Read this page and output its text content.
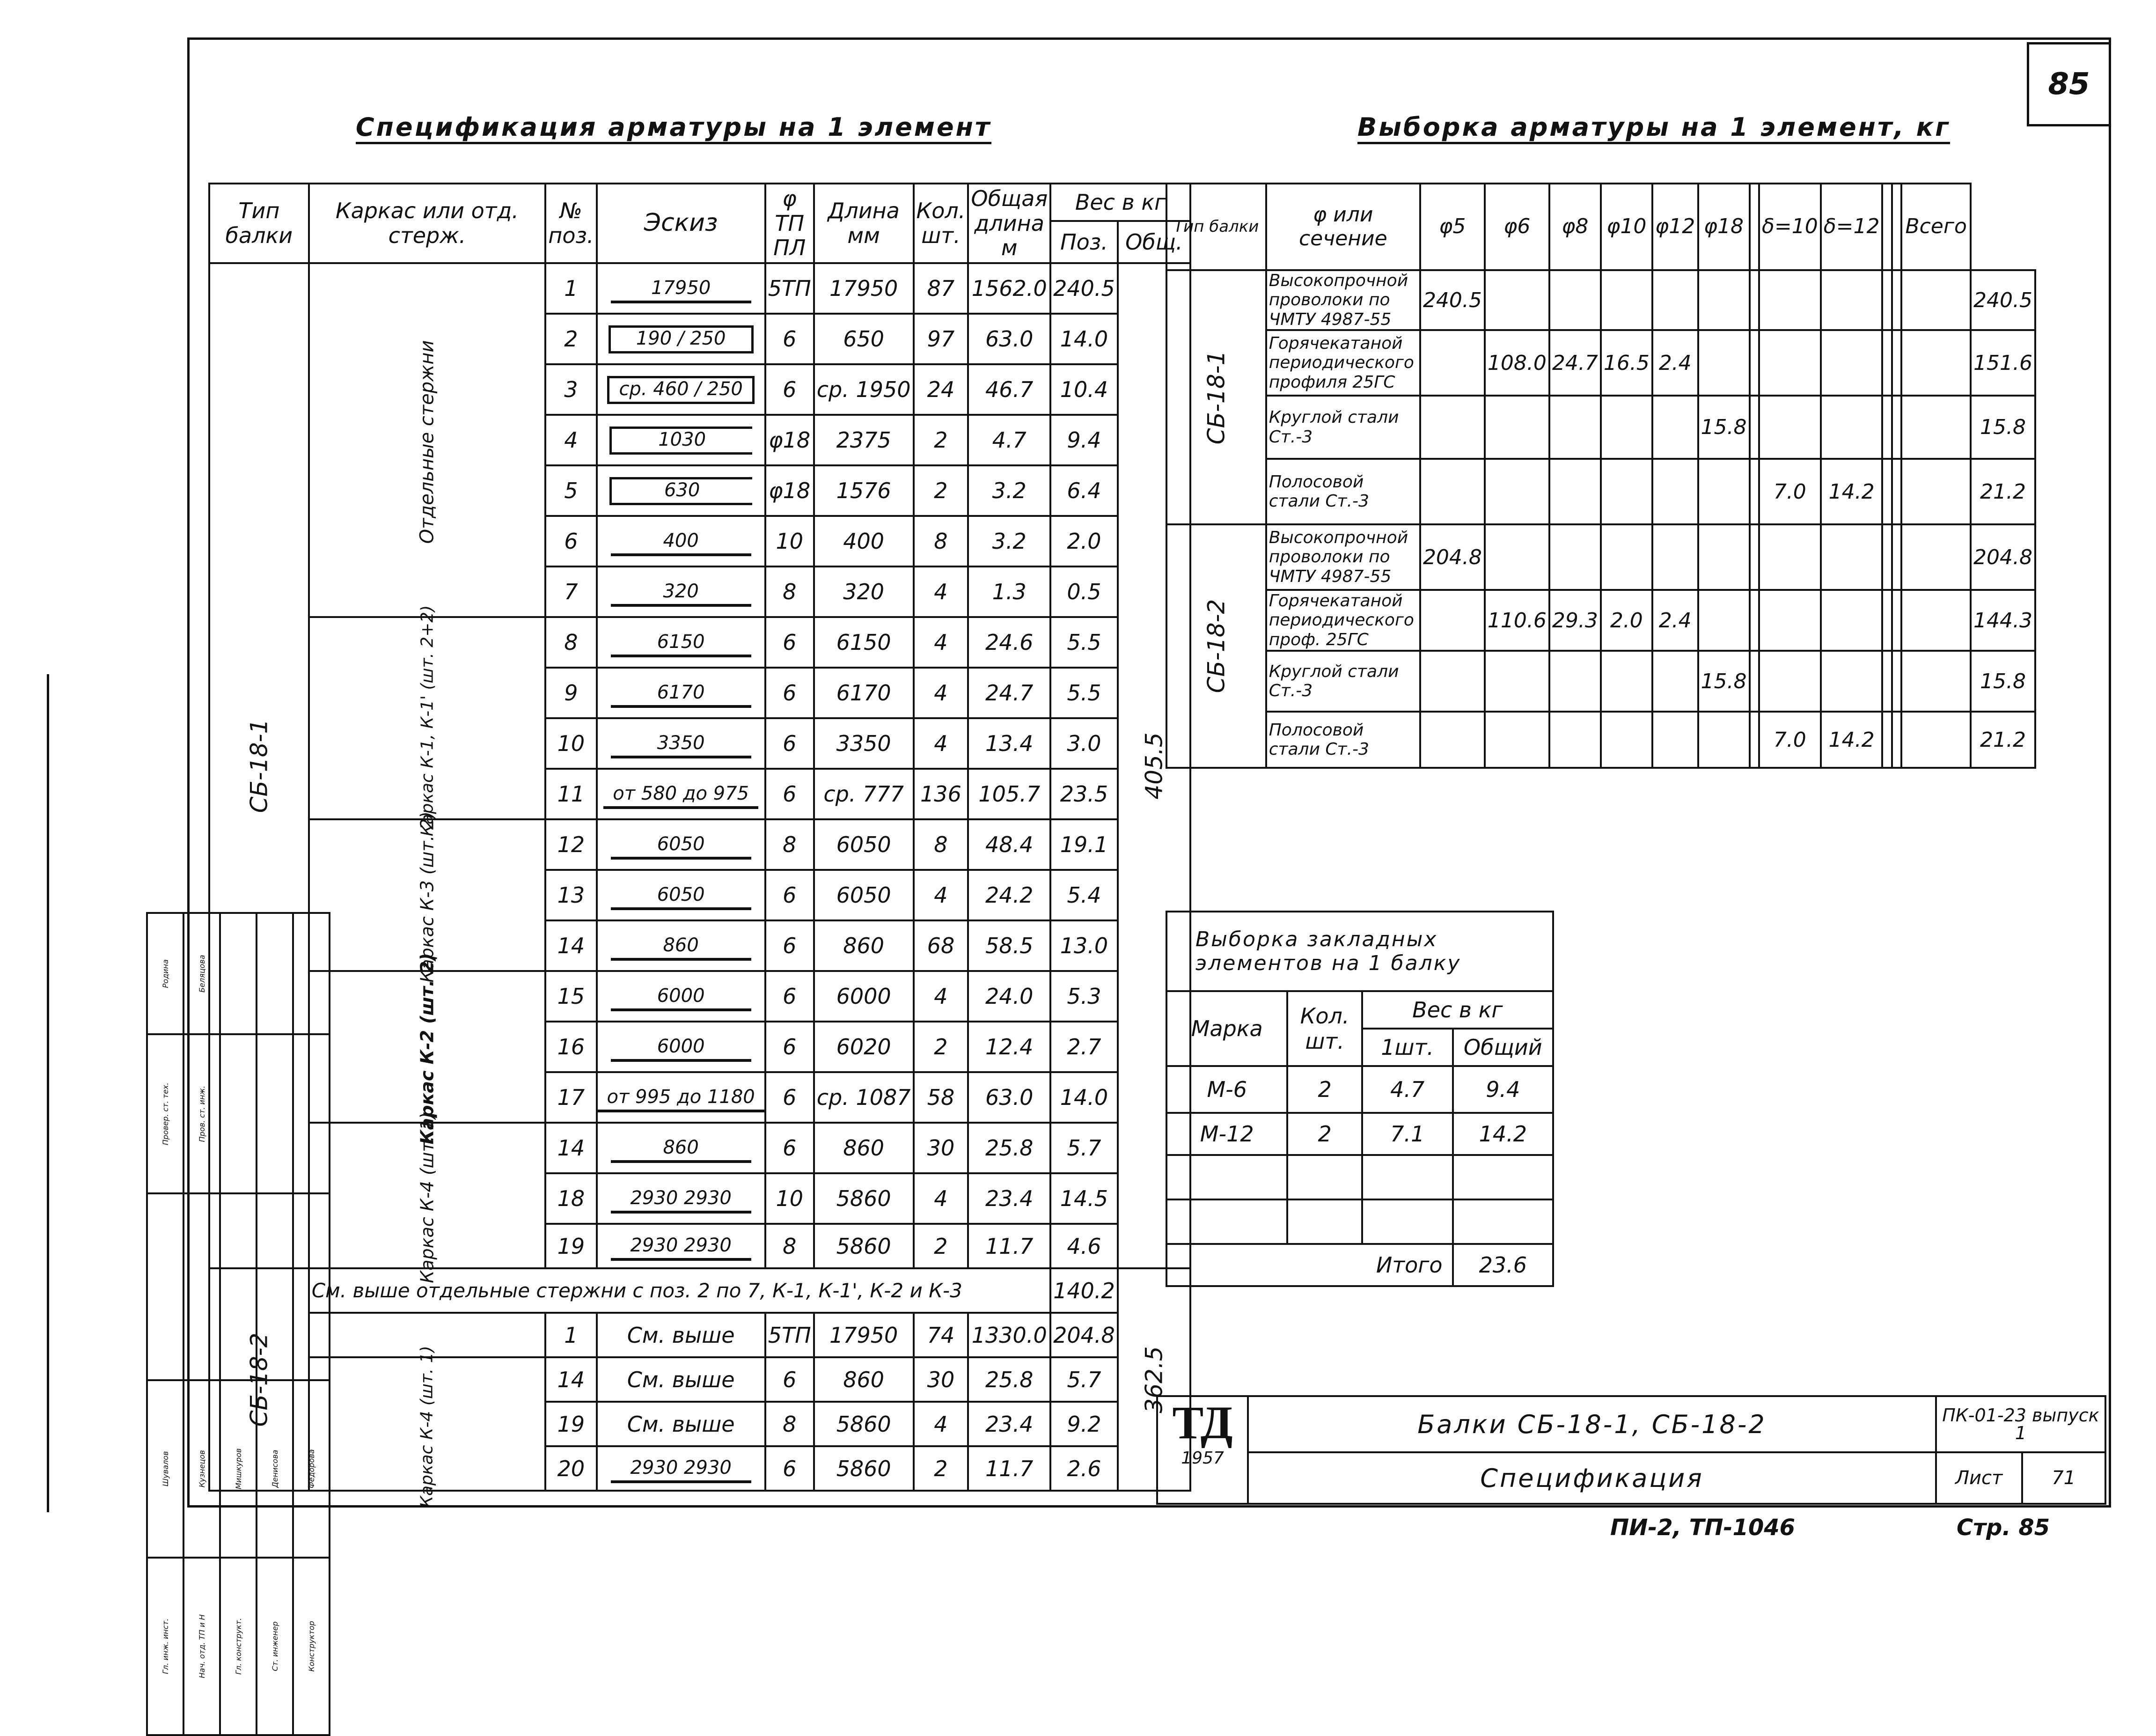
85
Спецификация арматуры на 1 элемент	Выборка арматуры на 1 элемент, кг
Тип балки	Каркас или отд. стерж.	№ поз.	Эскиз	φ ТП ПЛ	Длина мм	Кол. шт.	Общая длина м	Вес в кг	
								Поз.	Общ.
СБ-18-1	Отдельные стержни	1	17950	5ТП	17950	87	1562.0	240.5	405.5
		2	190 / 250	6	650	97	63.0	14.0	
		3	ср. 460 / 250	6	ср. 1950	24	46.7	10.4	
		4	1030	φ18	2375	2	4.7	9.4	
		5	630	φ18	1576	2	3.2	6.4	
		6	400	10	400	8	3.2	2.0	
		7	320	8	320	4	1.3	0.5	
	Каркас К-1, К-1' (шт. 2+2)	8	6150	6	6150	4	24.6	5.5	
		9	6170	6	6170	4	24.7	5.5	
		10	3350	6	3350	4	13.4	3.0	
		11	от 580 до 975	6	ср. 777	136	105.7	23.5	
	Каркас К-3 (шт. 2)	12	6050	8	6050	8	48.4	19.1	
		13	6050	6	6050	4	24.2	5.4	
		14	860	6	860	68	58.5	13.0	
	Каркас К-2 (шт. 2)	15	6000	6	6000	4	24.0	5.3	
		16	6000	6	6020	2	12.4	2.7	
		17	от 995 до 1180	6	ср. 1087	58	63.0	14.0	
	Каркас К-4 (шт. 1)	14	860	6	860	30	25.8	5.7	
		18	2930 2930	10	5860	4	23.4	14.5	
		19	2930 2930	8	5860	2	11.7	4.6	
СБ-18-2	См. выше отдельные стержни с поз. 2 по 7, К-1, К-1', К-2 и К-3							140.2	362.5
		1	См. выше	5ТП	17950	74	1330.0	204.8	
	Каркас К-4 (шт. 1)	14	См. выше	6	860	30	25.8	5.7	
		19	См. выше	8	5860	4	23.4	9.2	
		20	2930 2930	6	5860	2	11.7	2.6	
Тип балки	φ или сечение	φ5	φ6	φ8	φ10	φ12	φ18		δ=10	δ=12			Всего	
СБ-18-1	Высокопрочной проволоки по ЧМТУ 4987-55	240.5												240.5
	Горячекатаной периодического профиля 25ГС		108.0	24.7	16.5	2.4								151.6
	Круглой стали Ст.-3						15.8							15.8
	Полосовой стали Ст.-3								7.0	14.2				21.2
СБ-18-2	Высокопрочной проволоки по ЧМТУ 4987-55	204.8												204.8
	Горячекатаной периодического проф. 25ГС		110.6	29.3	2.0	2.4								144.3
	Круглой стали Ст.-3						15.8							15.8
	Полосовой стали Ст.-3								7.0	14.2				21.2
Выборка закладных элементов на 1 балку			
Марка	Кол. шт.	Вес в кг	
		1шт.	Общий
М-6	2	4.7	9.4
М-12	2	7.1	14.2

Итого			23.6
ТД
1957	Балки СБ-18-1, СБ-18-2	ПК-01-23 выпуск 1	
	Спецификация	Лист	71
ПИ-2, ТП-1046	Стр. 85
Гл. инж. инст.	Шувалов		Провер. ст. тех.	Родина
Нач. отд. ТП и Н	Кузнецов		Пров. ст. инж.	Беляцова
Гл. конструкт.	Мишкуров			
Ст. инженер	Денисова			
Конструктор	Федорова			
